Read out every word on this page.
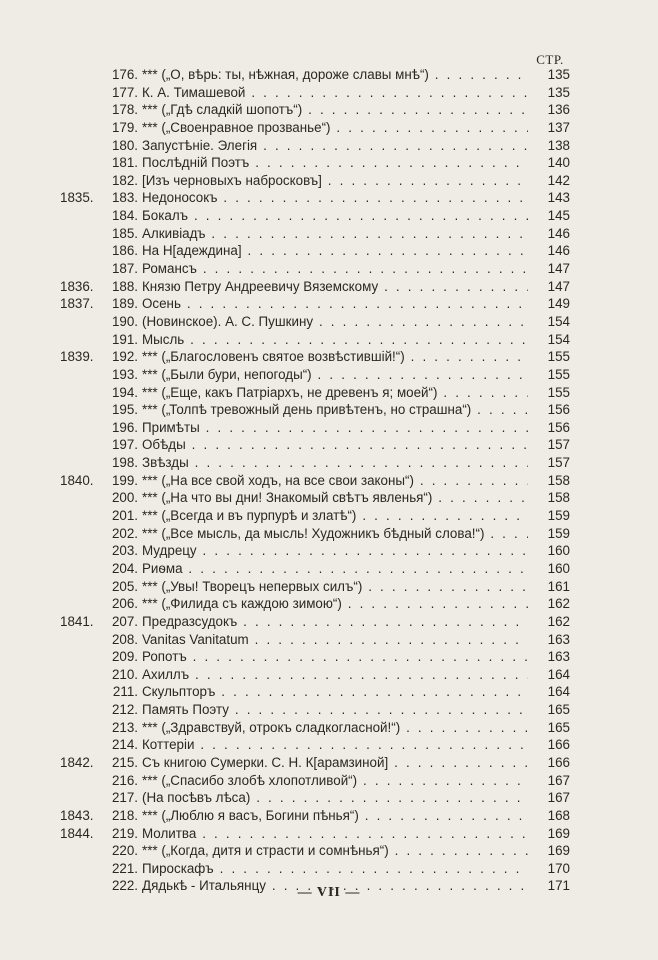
СТР.
176. *** („О, вѣрь: ты, нѣжная, дороже славы мнѣ“) . . .	135
177. К. А. Тимашевой . . .	135
178. *** („Гдѣ сладкій шопотъ“) . . .	136
179. *** („Своенравное прозванье“) . . .	137
180. Запустѣніе. Элегія . . .	138
181. Послѣдній Поэтъ . . .	140
182. [Изъ черновыхъ набросковъ] . . .	142
1835.	183. Недоносокъ . . .	143
184. Бокалъ . . .	145
185. Алкивіадъ . . .	146
186. На Н[адеждина] . . .	146
187. Романсъ . . .	147
1836.	188. Князю Петру Андреевичу Вяземскому . . .	147
1837.	189. Осень . . .	149
190. (Новинское). А. С. Пушкину . . .	154
191. Мысль . . .	154
1839.	192. *** („Благословенъ святое возвѣстившій!“) . . .	155
193. *** („Были бури, непогоды“) . . .	155
194. *** („Еще, какъ Патріархъ, не древенъ я; моей“) . . .	155
195. *** („Толпѣ тревожный день привѣтенъ, но страшна“) . . .	156
196. Примѣты . . .	156
197. Обѣды . . .	157
198. Звѣзды . . .	157
1840.	199. *** („На все свой ходъ, на все свои законы“) . . .	158
200. *** („На что вы дни! Знакомый свѣтъ явленья“) . . .	158
201. *** („Всегда и въ пурпурѣ и златѣ“) . . .	159
202. *** („Все мысль, да мысль! Художникъ бѣдный слова!“) . . .	159
203. Мудрецу . . .	160
204. Риѳма . . .	160
205. *** („Увы! Творецъ непервых силъ“) . . .	161
206. *** („Филида съ каждою зимою“) . . .	162
1841.	207. Предразсудокъ . . .	162
208. Vanitas Vanitatum . . .	163
209. Ропотъ . . .	163
210. Ахиллъ . . .	164
211. Скульпторъ . . .	164
212. Память Поэту . . .	165
213. *** („Здравствуй, отрокъ сладкогласной!“) . . .	165
214. Коттеріи . . .	166
1842.	215. Съ книгою Сумерки. С. Н. К[арамзиной] . . .	166
216. *** („Спасибо злобѣ хлопотливой“) . . .	167
217. (На посѣвъ лѣса) . . .	167
1843.	218. *** („Люблю я васъ, Богини пѣнья“) . . .	168
1844.	219. Молитва . . .	169
220. *** („Когда, дитя и страсти и сомнѣнья“) . . .	169
221. Пироскафъ . . .	170
222. Дядькѣ - Итальянцу . . .	171
— VII —
